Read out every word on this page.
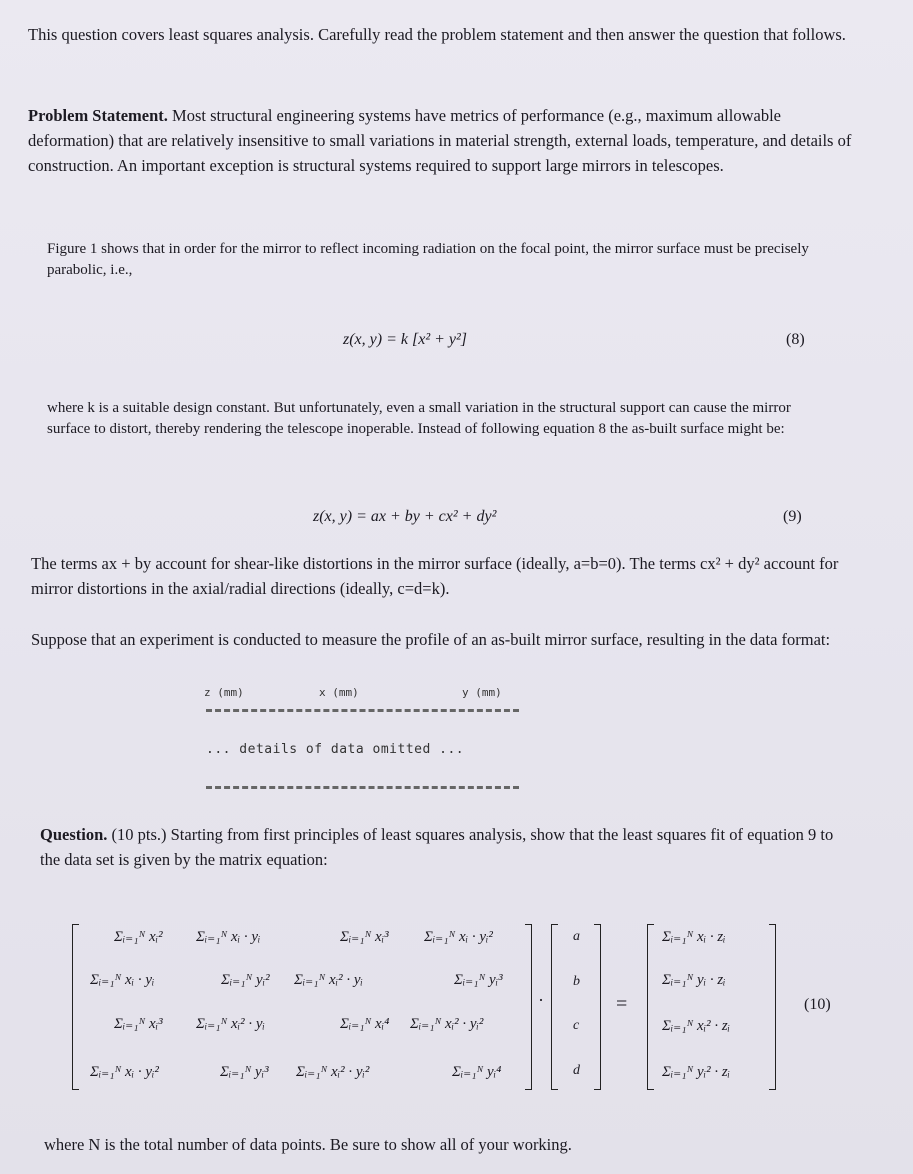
This question covers least squares analysis. Carefully read the problem statement and then answer the question that follows.

Problem Statement. Most structural engineering systems have metrics of performance (e.g., maximum allowable deformation) that are relatively insensitive to small variations in material strength, external loads, temperature, and details of construction. An important exception is structural systems required to support large mirrors in telescopes.

Figure 1 shows that in order for the mirror to reflect incoming radiation on the focal point, the mirror surface must be precisely parabolic, i.e.,

z(x, y) = k [x² + y²]	(8)

where k is a suitable design constant. But unfortunately, even a small variation in the structural support can cause the mirror surface to distort, thereby rendering the telescope inoperable. Instead of following equation 8 the as-built surface might be:

z(x, y) = ax + by + cx² + dy²	(9)

The terms ax + by account for shear-like distortions in the mirror surface (ideally, a=b=0). The terms cx² + dy² account for mirror distortions in the axial/radial directions (ideally, c=d=k).

Suppose that an experiment is conducted to measure the profile of an as-built mirror surface, resulting in the data format:

z (mm)	x (mm)	y (mm)
... details of data omitted ...

Question. (10 pts.) Starting from first principles of least squares analysis, show that the least squares fit of equation 9 to the data set is given by the matrix equation:

Σᵢ₌₁ᴺ xᵢ² Σᵢ₌₁ᴺ xᵢ · yᵢ	Σᵢ₌₁ᴺ xᵢ³ Σᵢ₌₁ᴺ xᵢ · yᵢ²
Σᵢ₌₁ᴺ xᵢ · yᵢ	Σᵢ₌₁ᴺ yᵢ² Σᵢ₌₁ᴺ xᵢ² · yᵢ	Σᵢ₌₁ᴺ yᵢ³
Σᵢ₌₁ᴺ xᵢ³ Σᵢ₌₁ᴺ xᵢ² · yᵢ	Σᵢ₌₁ᴺ xᵢ⁴ Σᵢ₌₁ᴺ xᵢ² · yᵢ²
Σᵢ₌₁ᴺ xᵢ · yᵢ²	Σᵢ₌₁ᴺ yᵢ³ Σᵢ₌₁ᴺ xᵢ² · yᵢ²	Σᵢ₌₁ᴺ yᵢ⁴
·
a
b
c
d
=
Σᵢ₌₁ᴺ xᵢ · zᵢ
Σᵢ₌₁ᴺ yᵢ · zᵢ
Σᵢ₌₁ᴺ xᵢ² · zᵢ
Σᵢ₌₁ᴺ yᵢ² · zᵢ
(10)

where N is the total number of data points. Be sure to show all of your working.
